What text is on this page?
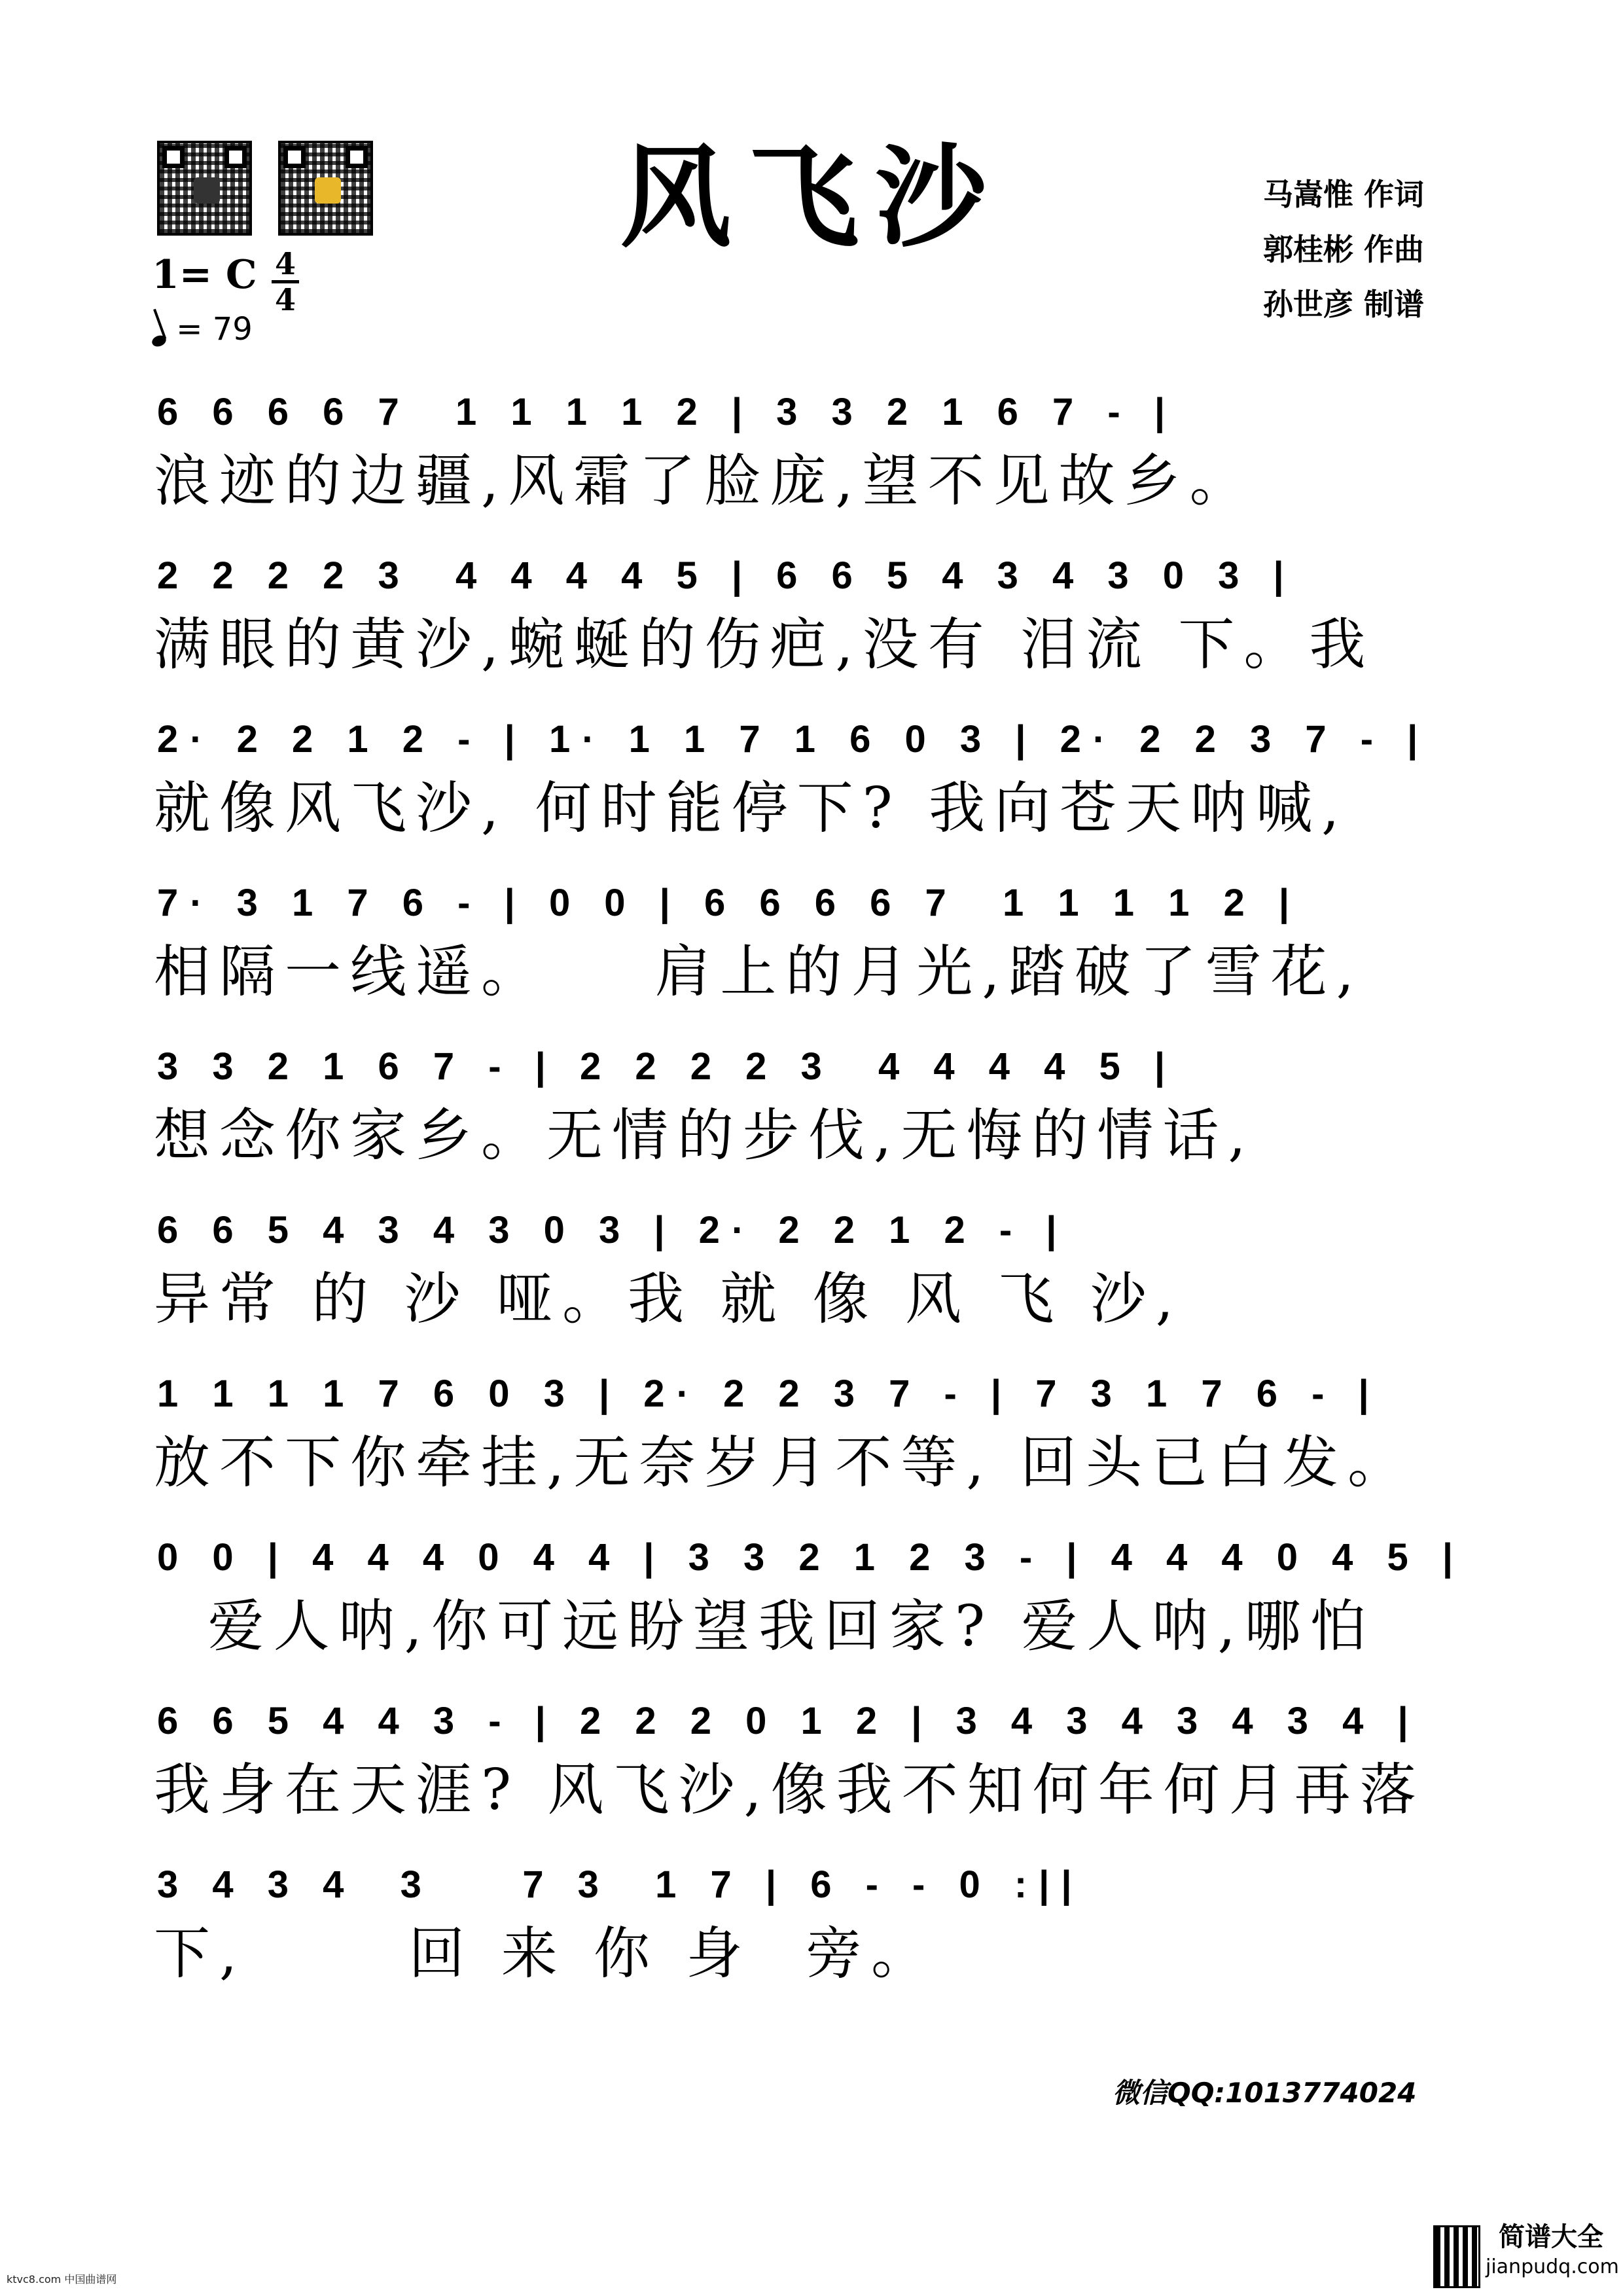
风飞沙	马嵩惟 作词
郭桂彬 作曲
孙世彦 制谱
1= C 4
4
= 79
6 6 6 6 7  1 1 1 1 2 | 3 3 2 1 6 7 - |
浪迹的边疆,风霜了脸庞,望不见故乡。
2 2 2 2 3  4 4 4 4 5 | 6 6 5 4 3 4 3 0 3 |
满眼的黄沙,蜿蜒的伤疤,没有 泪流 下。我
2· 2 2 1 2 - | 1· 1 1 7 1 6 0 3 | 2· 2 2 3 7 - |
就像风飞沙, 何时能停下? 我向苍天呐喊,
7· 3 1 7 6 - | 0 0 | 6 6 6 6 7  1 1 1 1 2 |
相隔一线遥。    肩上的月光,踏破了雪花,
3 3 2 1 6 7 - | 2 2 2 2 3  4 4 4 4 5 |
想念你家乡。无情的步伐,无悔的情话,
6 6 5 4 3 4 3 0 3 | 2· 2 2 1 2 - |
异常 的 沙 哑。我 就 像 风 飞 沙,
1 1 1 1 7 6 0 3 | 2· 2 2 3 7 - | 7 3 1 7 6 - |
放不下你牵挂,无奈岁月不等, 回头已白发。
0 0 | 4 4 4 0 4 4 | 3 3 2 1 2 3 - | 4 4 4 0 4 5 |
爱人呐,你可远盼望我回家? 爱人呐,哪怕
6 6 5 4 4 3 - | 2 2 2 0 1 2 | 3 4 3 4 3 4 3 4 |
我身在天涯? 风飞沙,像我不知何年何月再落
3 4 3 4  3    7 3  1 7 | 6 - - 0 :||
下,      回 来 你 身  旁。
微信QQ:1013774024
简谱大全
jianpudq.com
ktvc8.com 中国曲谱网
